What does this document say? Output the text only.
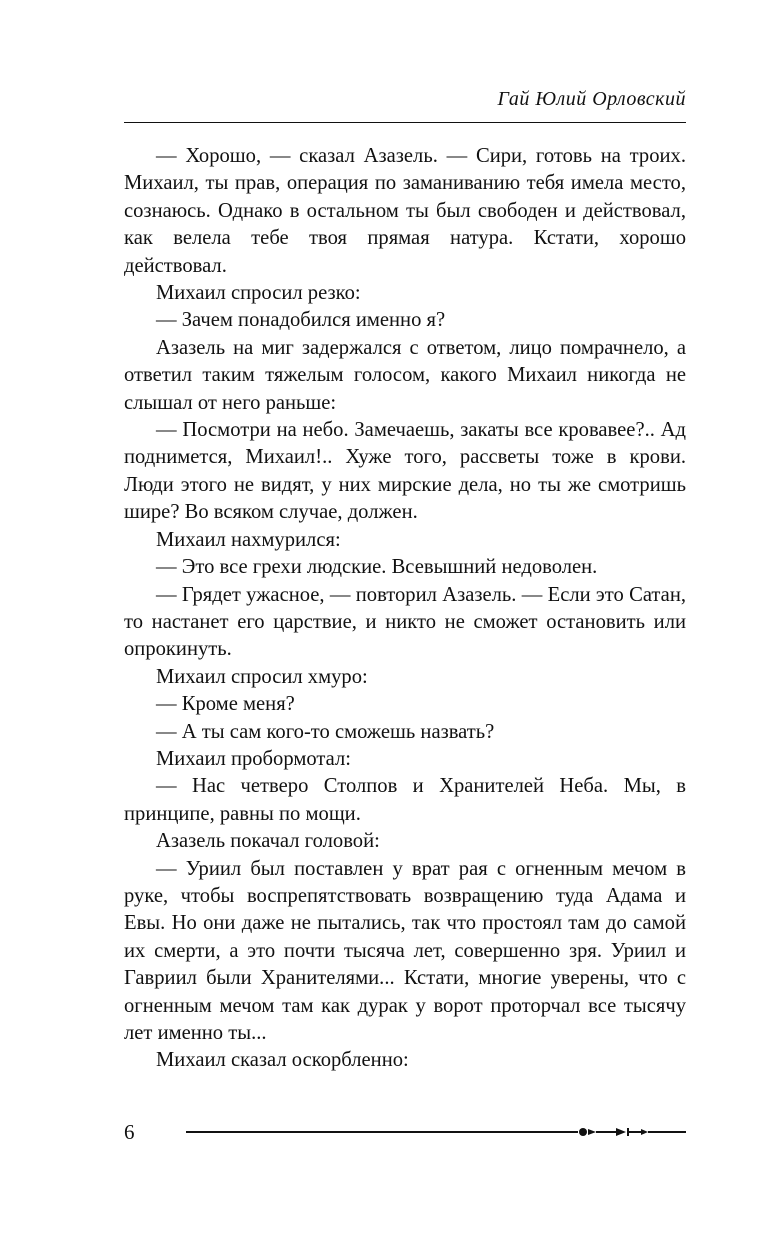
Гай Юлий Орловский

— Хорошо, — сказал Азазель. — Сири, готовь на троих. Михаил, ты прав, операция по заманиванию тебя имела место, сознаюсь. Однако в остальном ты был свободен и действовал, как велела тебе твоя прямая натура. Кстати, хорошо действовал.

Михаил спросил резко:

— Зачем понадобился именно я?

Азазель на миг задержался с ответом, лицо помрачнело, а ответил таким тяжелым голосом, какого Михаил никогда не слышал от него раньше:

— Посмотри на небо. Замечаешь, закаты все кровавее?.. Ад поднимется, Михаил!.. Хуже того, рассветы тоже в крови. Люди этого не видят, у них мирские дела, но ты же смотришь шире? Во всяком случае, должен.

Михаил нахмурился:

— Это все грехи людские. Всевышний недоволен.

— Грядет ужасное, — повторил Азазель. — Если это Сатан, то настанет его царствие, и никто не сможет остановить или опрокинуть.

Михаил спросил хмуро:

— Кроме меня?

— А ты сам кого-то сможешь назвать?

Михаил пробормотал:

— Нас четверо Столпов и Хранителей Неба. Мы, в принципе, равны по мощи.

Азазель покачал головой:

— Уриил был поставлен у врат рая с огненным мечом в руке, чтобы воспрепятствовать возвращению туда Адама и Евы. Но они даже не пытались, так что простоял там до самой их смерти, а это почти тысяча лет, совершенно зря. Уриил и Гавриил были Хранителями... Кстати, многие уверены, что с огненным мечом там как дурак у ворот проторчал все тысячу лет именно ты...

Михаил сказал оскорбленно:

6
